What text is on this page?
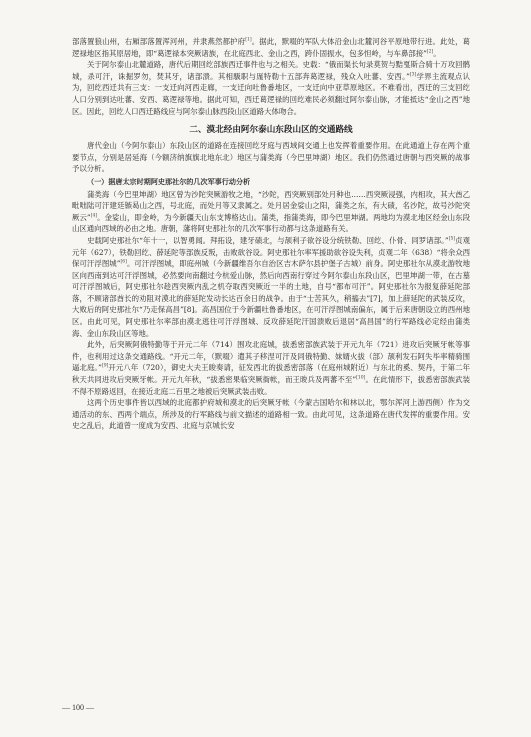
部落置狼山州，右厢部落置浑河州，并隶燕然都护府[1]。据此，默啜的军队大体沿金山北麓河谷平原地带行进。此处，葛逻禄地区指其原居地，即“葛逻禄本突厥诸族，在北庭西北、金山之西，跨仆固振水，包多怛岭，与车鼻部接”[2]。

关于阿尔泰山北麓道路，唐代后期回纥部族西迁事件也与之相关。史载：“俄而渠长句录莫贺与黠戛斯合骑十万攻回鹘城，杀可汗，诛掘罗勿，焚其牙，诸部溃。其相馺职与厖特勒十五部奔葛逻禄，残众入吐蕃、安西。”[3]学界主流观点认为，回纥西迁共有三支：一支迁向河西走廊，一支迁向吐鲁番地区，一支迁向中亚草原地区。不难看出，西迁的三支回纥人口分别到达吐蕃、安西、葛逻禄等地。据此可知，西迁葛逻禄的回纥难民必须翻过阿尔泰山脉，才能抵达“金山之西”地区。因此，回纥人口西迁路线应与阿尔泰山脉西段山区道路大体吻合。

二、漠北经由阿尔泰山东段山区的交通路线

唐代金山（今阿尔泰山）东段山区的道路在连接回纥牙庭与西域间交通上也发挥着重要作用。在此通道上存在两个重要节点，分别是居延海（今额济纳旗旗北地东北）地区与蒲类海（今巴里坤湖）地区。我们仍然通过唐朝与西突厥的战事予以分析。

（一）据唐太宗时期阿史那社尔的几次军事行动分析

蒲类海（今巴里坤湖）地区曾为沙陀突厥游牧之地，“沙陀，西突厥别部处月种也……西突厥浸强，内相攻，其大酋乙毗咄陆可汗建廷镞曷山之西，号北庭，而处月等又隶属之。处月居金娑山之阳，蒲类之东，有大碛，名沙陀，故号沙陀突厥云”[4]。金娑山，即金岭，为今新疆天山东支博格达山。蒲类，指蒲类海，即今巴里坤湖。两地均为漠北地区经金山东段山区通向西域的必由之地。唐朝，藩将阿史那社尔的几次军事行动都与这条道路有关。

史载阿史那社尔“年十一，以智勇闻。拜拓设，建牙碛北，与颉利子欲谷设分统铁勒、回纥、仆骨、同罗诸部。”[5]贞观元年（627），铁勒回纥、薛延陀等部族反叛，击败欲谷设。阿史那社尔率军援助欲谷设失利，贞观二年（638）“将余众西保可汗浮图城”[6]。可汗浮图城，即庭州城（今新疆维吾尔自治区吉木萨尔县护堡子古城）前身。阿史那社尔从漠北游牧地区向西南到达可汗浮图城，必然要向南翻过今杭爱山脉，然后向西南行穿过今阿尔泰山东段山区，巴里坤湖一带，在古墓可汗浮图城后，阿史那社尔趁西突厥内乱之机夺取西突厥近一半的土地，自号“都布可汗”。阿史那社尔为报复薛延陀部落，不顾诸部酋长的劝阻对漠北的薛延陀发动长达百余日的战争。由于“士苦其久，稍搐去”[7]，加上薛延陀的武装反攻，大败后的阿史那社尔“乃走保高昌”[8]。高昌国位于今新疆吐鲁番地区，在可汗浮图城南偏东，属于后来唐朝设立的西州地区。由此可见，阿史那社尔率部由漠北逃往可汗浮图城、反攻薛延陀汗国溃败后退居“高昌国”的行军路线必定经由蒲类海、金山东段山区等地。

此外，后突厥阿俄特勤等于开元二年（714）围攻北庭城，拔悉密部族武装于开元九年（721）进攻后突厥牙帐等事件，也利用过这条交通路线。“开元二年，（默啜）遣其子移涅可汗及同俄特勤、妹婿火拔（部）颉利发石阿失毕率精骑围逼北庭。”[9]开元八年（720），御史大夫王晙奏请，征发西北的拔悉密部落（在庭州城附近）与东北的奚、契丹，于第二年秋天共同进攻后突厥牙帐。开元九年秋，“拔悉密果临突厥衙帐，而王晙兵及两蕃不至”[10]。在此情形下，拔悉密部族武装不得不原路返回，在接近北庭二百里之地被后突厥武装击败。

这两个历史事件皆以西域的北庭都护府城和漠北的后突厥牙帐（今蒙古国哈尔和林以北，鄂尔浑河上游西侧）作为交通活动的东、西两个端点，所涉及的行军路线与前文描述的道路相一致。由此可见，这条道路在唐代发挥的重要作用。安史之乱后，此道曾一度成为安西、北庭与京城长安

— 100 —
